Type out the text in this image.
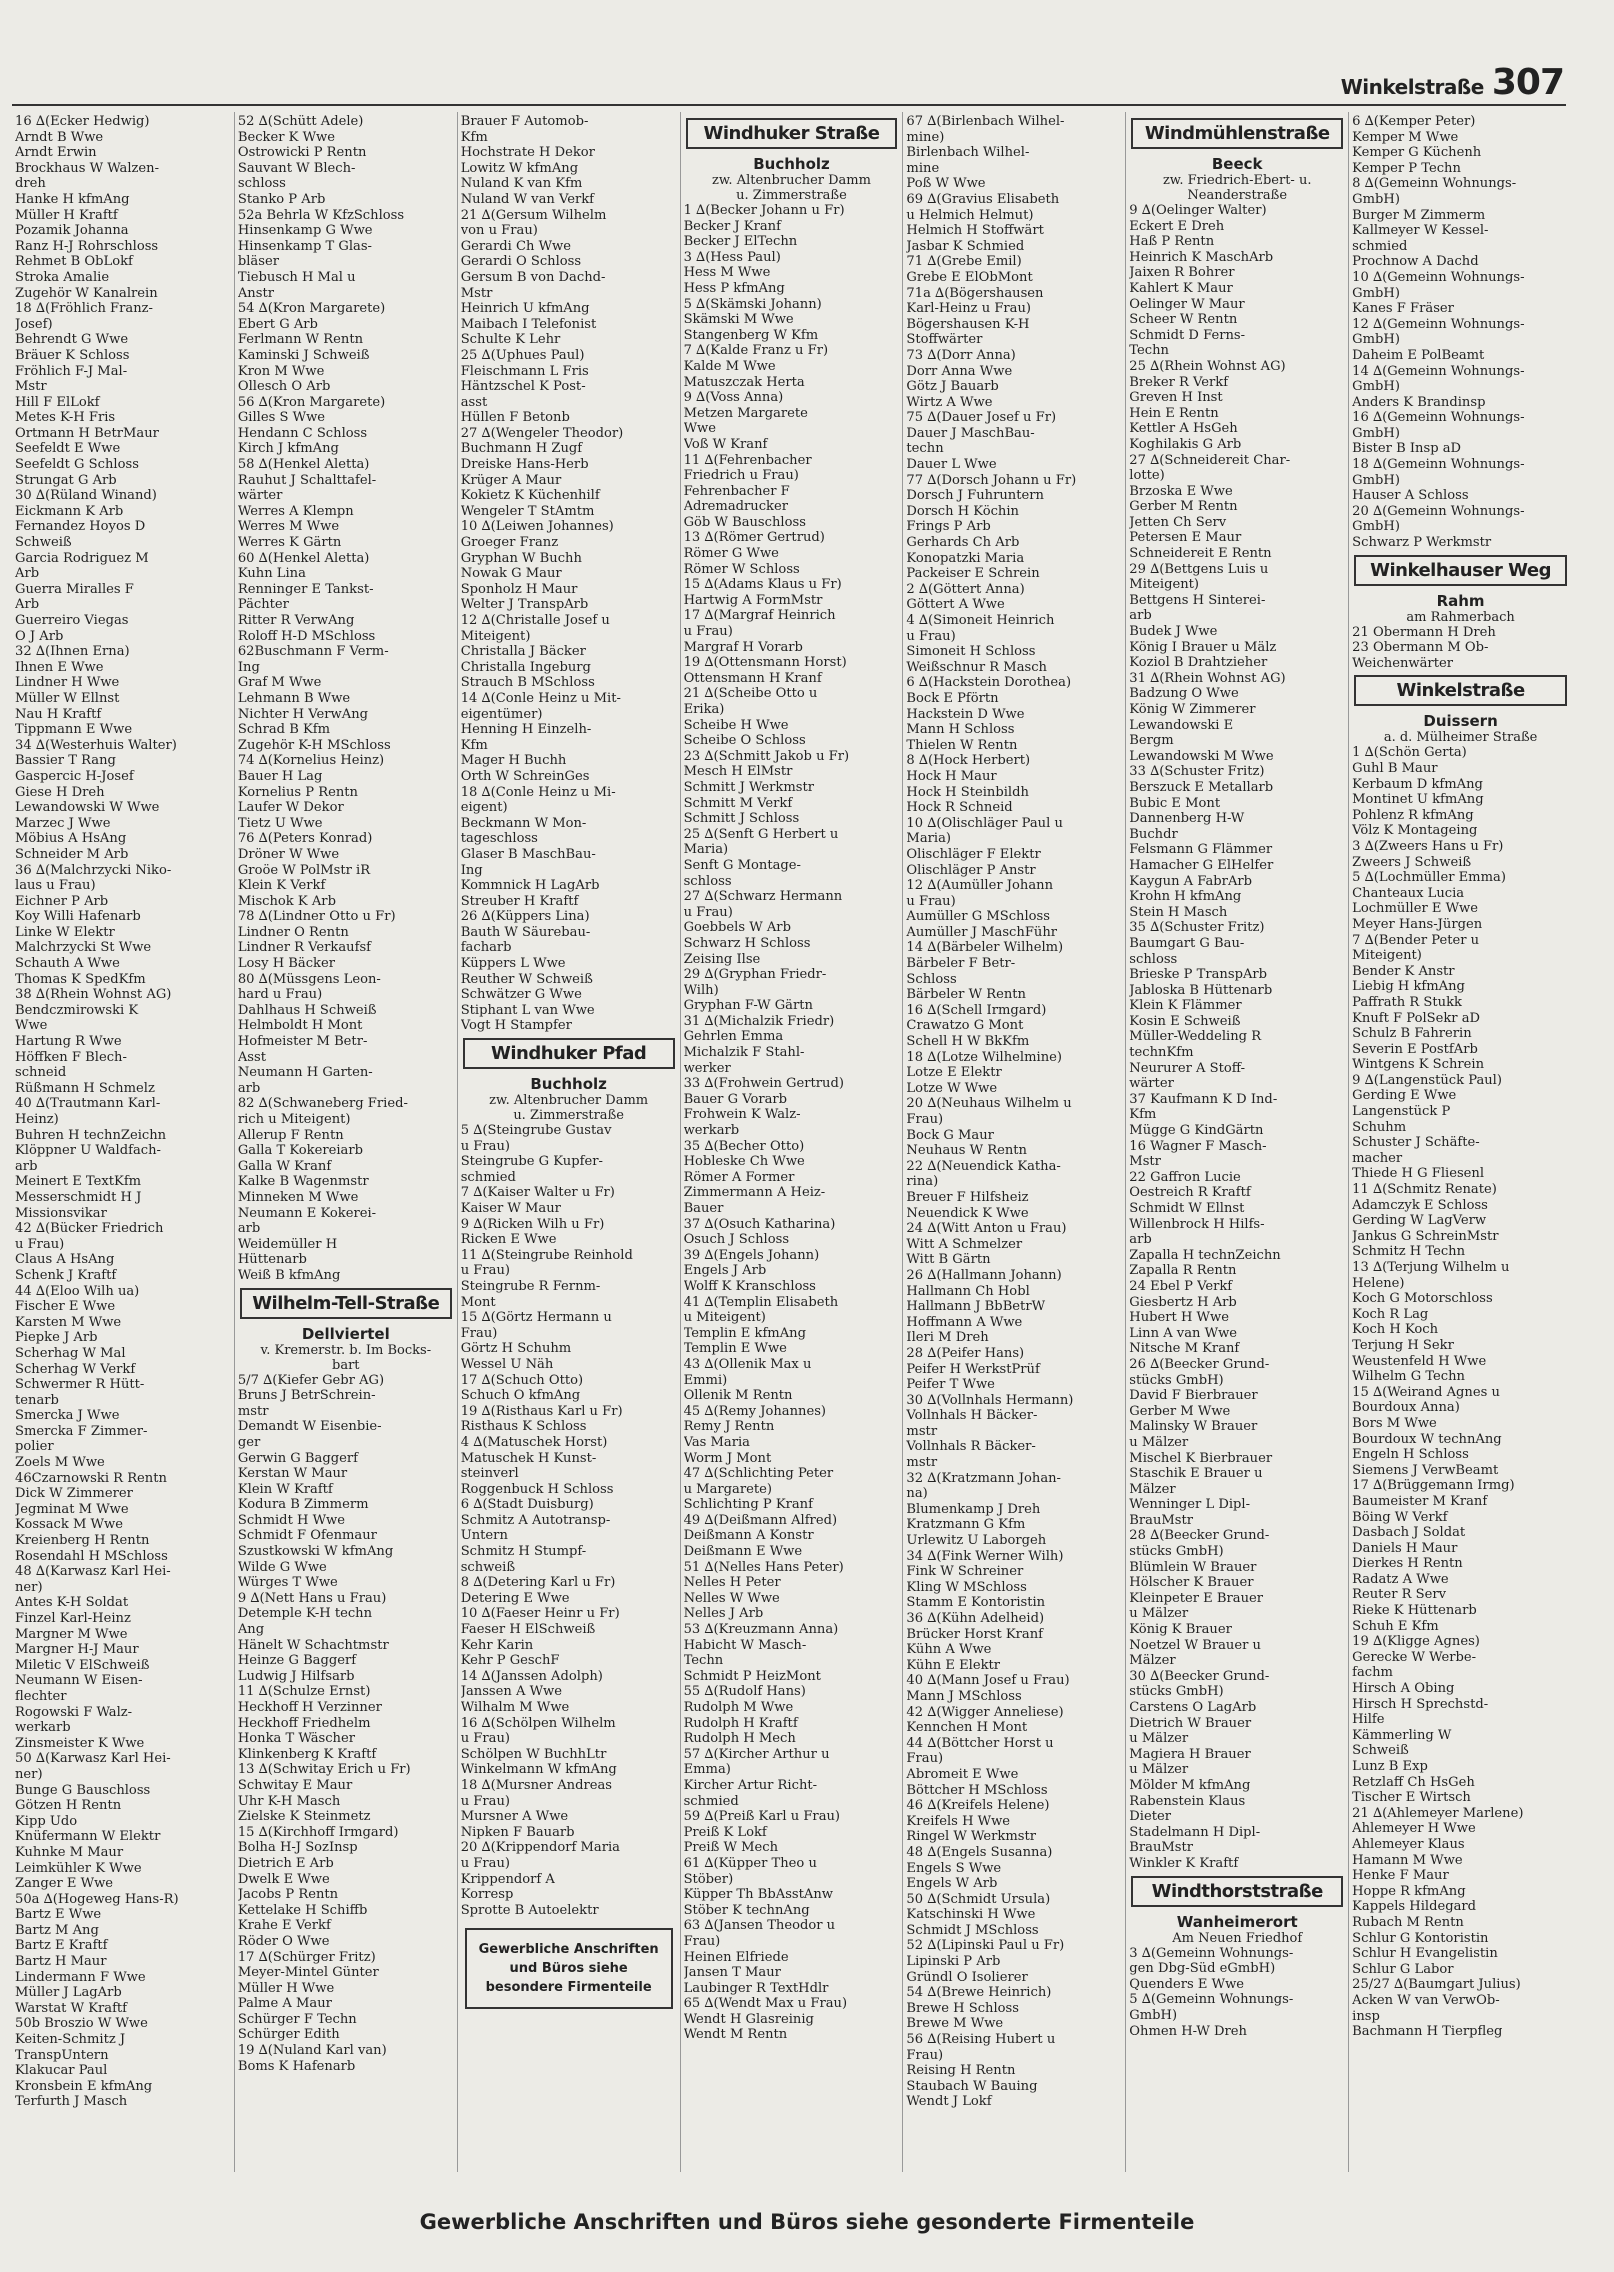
Winkelstraße 307
16 ∆(Ecker Hedwig)
Arndt B Wwe
Arndt Erwin
Brockhaus W Walzen-
dreh
Hanke H kfmAng
Müller H Kraftf
Pozamik Johanna
Ranz H-J Rohrschloss
Rehmet B ObLokf
Stroka Amalie
Zugehör W Kanalrein
18 ∆(Fröhlich Franz-
Josef)
Behrendt G Wwe
Bräuer K Schloss
Fröhlich F-J Mal-
Mstr
Hill F ElLokf
Metes K-H Fris
Ortmann H BetrMaur
Seefeldt E Wwe
Seefeldt G Schloss
Strungat G Arb
30 ∆(Rüland Winand)
Eickmann K Arb
Fernandez Hoyos D
Schweiß
Garcia Rodriguez M
Arb
Guerra Miralles F
Arb
Guerreiro Viegas
O J Arb
32 ∆(Ihnen Erna)
Ihnen E Wwe
Lindner H Wwe
Müller W Ellnst
Nau H Kraftf
Tippmann E Wwe
34 ∆(Westerhuis Walter)
Bassier T Rang
Gaspercic H-Josef
Giese H Dreh
Lewandowski W Wwe
Marzec J Wwe
Möbius A HsAng
Schneider M Arb
36 ∆(Malchrzycki Niko-
laus u Frau)
Eichner P Arb
Koy Willi Hafenarb
Linke W Elektr
Malchrzycki St Wwe
Schauth A Wwe
Thomas K SpedKfm
38 ∆(Rhein Wohnst AG)
Bendczmirowski K
Wwe
Hartung R Wwe
Höffken F Blech-
schneid
Rüßmann H Schmelz
40 ∆(Trautmann Karl-
Heinz)
Buhren H technZeichn
Klöppner U Waldfach-
arb
Meinert E TextKfm
Messerschmidt H J
Missionsvikar
42 ∆(Bücker Friedrich
u Frau)
Claus A HsAng
Schenk J Kraftf
44 ∆(Eloo Wilh ua)
Fischer E Wwe
Karsten M Wwe
Piepke J Arb
Scherhag W Mal
Scherhag W Verkf
Schwermer R Hütt-
tenarb
Smercka J Wwe
Smercka F Zimmer-
polier
Zoels M Wwe
46Czarnowski R Rentn
Dick W Zimmerer
Jegminat M Wwe
Kossack M Wwe
Kreienberg H Rentn
Rosendahl H MSchloss
48 ∆(Karwasz Karl Hei-
ner)
Antes K-H Soldat
Finzel Karl-Heinz
Margner M Wwe
Margner H-J Maur
Miletic V ElSchweiß
Neumann W Eisen-
flechter
Rogowski F Walz-
werkarb
Zinsmeister K Wwe
50 ∆(Karwasz Karl Hei-
ner)
Bunge G Bauschloss
Götzen H Rentn
Kipp Udo
Knüfermann W Elektr
Kuhnke M Maur
Leimkühler K Wwe
Zanger E Wwe
50a ∆(Hogeweg Hans-R)
Bartz E Wwe
Bartz M Ang
Bartz E Kraftf
Bartz H Maur
Lindermann F Wwe
Müller J LagArb
Warstat W Kraftf
50b Broszio W Wwe
Keiten-Schmitz J
TranspUntern
Klakucar Paul
Kronsbein E kfmAng
Terfurth J Masch
52 ∆(Schütt Adele)
Becker K Wwe
Ostrowicki P Rentn
Sauvant W Blech-
schloss
Stanko P Arb
52a Behrla W KfzSchloss
Hinsenkamp G Wwe
Hinsenkamp T Glas-
bläser
Tiebusch H Mal u
Anstr
54 ∆(Kron Margarete)
Ebert G Arb
Ferlmann W Rentn
Kaminski J Schweiß
Kron M Wwe
Ollesch O Arb
56 ∆(Kron Margarete)
Gilles S Wwe
Hendann C Schloss
Kirch J kfmAng
58 ∆(Henkel Aletta)
Rauhut J Schalttafel-
wärter
Werres A Klempn
Werres M Wwe
Werres K Gärtn
60 ∆(Henkel Aletta)
Kuhn Lina
Renninger E Tankst-
Pächter
Ritter R VerwAng
Roloff H-D MSchloss
62Buschmann F Verm-
Ing
Graf M Wwe
Lehmann B Wwe
Nichter H VerwAng
Schrad B Kfm
Zugehör K-H MSchloss
74 ∆(Kornelius Heinz)
Bauer H Lag
Kornelius P Rentn
Laufer W Dekor
Tietz U Wwe
76 ∆(Peters Konrad)
Dröner W Wwe
Groöe W PolMstr iR
Klein K Verkf
Mischok K Arb
78 ∆(Lindner Otto u Fr)
Lindner O Rentn
Lindner R Verkaufsf
Losy H Bäcker
80 ∆(Müssgens Leon-
hard u Frau)
Dahlhaus H Schweiß
Helmboldt H Mont
Hofmeister M Betr-
Asst
Neumann H Garten-
arb
82 ∆(Schwaneberg Fried-
rich u Miteigent)
Allerup F Rentn
Galla T Kokereiarb
Galla W Kranf
Kalke B Wagenmstr
Minneken M Wwe
Neumann E Kokerei-
arb
Weidemüller H
Hüttenarb
Weiß B kfmAng
Wilhelm-Tell-Straße
Dellviertel
v. Kremerstr. b. Im Bocks-
bart
5/7 ∆(Kiefer Gebr AG)
Bruns J BetrSchrein-
mstr
Demandt W Eisenbie-
ger
Gerwin G Baggerf
Kerstan W Maur
Klein W Kraftf
Kodura B Zimmerm
Schmidt H Wwe
Schmidt F Ofenmaur
Szustkowski W kfmAng
Wilde G Wwe
Würges T Wwe
9 ∆(Nett Hans u Frau)
Detemple K-H techn
Ang
Hänelt W Schachtmstr
Heinze G Baggerf
Ludwig J Hilfsarb
11 ∆(Schulze Ernst)
Heckhoff H Verzinner
Heckhoff Friedhelm
Honka T Wäscher
Klinkenberg K Kraftf
13 ∆(Schwitay Erich u Fr)
Schwitay E Maur
Uhr K-H Masch
Zielske K Steinmetz
15 ∆(Kirchhoff Irmgard)
Bolha H-J SozInsp
Dietrich E Arb
Dwelk E Wwe
Jacobs P Rentn
Kettelake H Schiffb
Krahe E Verkf
Röder O Wwe
17 ∆(Schürger Fritz)
Meyer-Mintel Günter
Müller H Wwe
Palme A Maur
Schürger F Techn
Schürger Edith
19 ∆(Nuland Karl van)
Boms K Hafenarb
Brauer F Automob-
Kfm
Hochstrate H Dekor
Lowitz W kfmAng
Nuland K van Kfm
Nuland W van Verkf
21 ∆(Gersum Wilhelm
von u Frau)
Gerardi Ch Wwe
Gerardi O Schloss
Gersum B von Dachd-
Mstr
Heinrich U kfmAng
Maibach I Telefonist
Schulte K Lehr
25 ∆(Uphues Paul)
Fleischmann L Fris
Häntzschel K Post-
asst
Hüllen F Betonb
27 ∆(Wengeler Theodor)
Buchmann H Zugf
Dreiske Hans-Herb
Krüger A Maur
Kokietz K Küchenhilf
Wengeler T StAmtm
10 ∆(Leiwen Johannes)
Groeger Franz
Gryphan W Buchh
Nowak G Maur
Sponholz H Maur
Welter J TranspArb
12 ∆(Christalle Josef u
Miteigent)
Christalla J Bäcker
Christalla Ingeburg
Strauch B MSchloss
14 ∆(Conle Heinz u Mit-
eigentümer)
Henning H Einzelh-
Kfm
Mager H Buchh
Orth W SchreinGes
18 ∆(Conle Heinz u Mi-
eigent)
Beckmann W Mon-
tageschloss
Glaser B MaschBau-
Ing
Kommnick H LagArb
Streuber H Kraftf
26 ∆(Küppers Lina)
Bauth W Säurebau-
facharb
Küppers L Wwe
Reuther W Schweiß
Schwätzer G Wwe
Stiphant L van Wwe
Vogt H Stampfer
Windhuker Pfad
Buchholz
zw. Altenbrucher Damm
u. Zimmerstraße
5 ∆(Steingrube Gustav
u Frau)
Steingrube G Kupfer-
schmied
7 ∆(Kaiser Walter u Fr)
Kaiser W Maur
9 ∆(Ricken Wilh u Fr)
Ricken E Wwe
11 ∆(Steingrube Reinhold
u Frau)
Steingrube R Fernm-
Mont
15 ∆(Görtz Hermann u
Frau)
Görtz H Schuhm
Wessel U Näh
17 ∆(Schuch Otto)
Schuch O kfmAng
19 ∆(Risthaus Karl u Fr)
Risthaus K Schloss
4 ∆(Matuschek Horst)
Matuschek H Kunst-
steinverl
Roggenbuck H Schloss
6 ∆(Stadt Duisburg)
Schmitz A Autotransp-
Untern
Schmitz H Stumpf-
schweiß
8 ∆(Detering Karl u Fr)
Detering E Wwe
10 ∆(Faeser Heinr u Fr)
Faeser H ElSchweiß
Kehr Karin
Kehr P GeschF
14 ∆(Janssen Adolph)
Janssen A Wwe
Wilhalm M Wwe
16 ∆(Schölpen Wilhelm
u Frau)
Schölpen W BuchhLtr
Winkelmann W kfmAng
18 ∆(Mursner Andreas
u Frau)
Mursner A Wwe
Nipken F Bauarb
20 ∆(Krippendorf Maria
u Frau)
Krippendorf A
Korresp
Sprotte B Autoelektr
Gewerbliche Anschriften und Büros siehe besondere Firmenteile
Windhuker Straße
Buchholz
zw. Altenbrucher Damm
u. Zimmerstraße
1 ∆(Becker Johann u Fr)
Becker J Kranf
Becker J ElTechn
3 ∆(Hess Paul)
Hess M Wwe
Hess P kfmAng
5 ∆(Skämski Johann)
Skämski M Wwe
Stangenberg W Kfm
7 ∆(Kalde Franz u Fr)
Kalde M Wwe
Matuszczak Herta
9 ∆(Voss Anna)
Metzen Margarete
Wwe
Voß W Kranf
11 ∆(Fehrenbacher
Friedrich u Frau)
Fehrenbacher F
Adremadrucker
Göb W Bauschloss
13 ∆(Römer Gertrud)
Römer G Wwe
Römer W Schloss
15 ∆(Adams Klaus u Fr)
Hartwig A FormMstr
17 ∆(Margraf Heinrich
u Frau)
Margraf H Vorarb
19 ∆(Ottensmann Horst)
Ottensmann H Kranf
21 ∆(Scheibe Otto u
Erika)
Scheibe H Wwe
Scheibe O Schloss
23 ∆(Schmitt Jakob u Fr)
Mesch H ElMstr
Schmitt J Werkmstr
Schmitt M Verkf
Schmitt J Schloss
25 ∆(Senft G Herbert u
Maria)
Senft G Montage-
schloss
27 ∆(Schwarz Hermann
u Frau)
Goebbels W Arb
Schwarz H Schloss
Zeising Ilse
29 ∆(Gryphan Friedr-
Wilh)
Gryphan F-W Gärtn
31 ∆(Michalzik Friedr)
Gehrlen Emma
Michalzik F Stahl-
werker
33 ∆(Frohwein Gertrud)
Bauer G Vorarb
Frohwein K Walz-
werkarb
35 ∆(Becher Otto)
Hobleske Ch Wwe
Römer A Former
Zimmermann A Heiz-
Bauer
37 ∆(Osuch Katharina)
Osuch J Schloss
39 ∆(Engels Johann)
Engels J Arb
Wolff K Kranschloss
41 ∆(Templin Elisabeth
u Miteigent)
Templin E kfmAng
Templin E Wwe
43 ∆(Ollenik Max u
Emmi)
Ollenik M Rentn
45 ∆(Remy Johannes)
Remy J Rentn
Vas Maria
Worm J Mont
47 ∆(Schlichting Peter
u Margarete)
Schlichting P Kranf
49 ∆(Deißmann Alfred)
Deißmann A Konstr
Deißmann E Wwe
51 ∆(Nelles Hans Peter)
Nelles H Peter
Nelles W Wwe
Nelles J Arb
53 ∆(Kreuzmann Anna)
Habicht W Masch-
Techn
Schmidt P HeizMont
55 ∆(Rudolf Hans)
Rudolph M Wwe
Rudolph H Kraftf
Rudolph H Mech
57 ∆(Kircher Arthur u
Emma)
Kircher Artur Richt-
schmied
59 ∆(Preiß Karl u Frau)
Preiß K Lokf
Preiß W Mech
61 ∆(Küpper Theo u
Stöber)
Küpper Th BbAsstAnw
Stöber K technAng
63 ∆(Jansen Theodor u
Frau)
Heinen Elfriede
Jansen T Maur
Laubinger R TextHdlr
65 ∆(Wendt Max u Frau)
Wendt H Glasreinig
Wendt M Rentn
67 ∆(Birlenbach Wilhel-
mine)
Birlenbach Wilhel-
mine
Poß W Wwe
69 ∆(Gravius Elisabeth
u Helmich Helmut)
Helmich H Stoffwärt
Jasbar K Schmied
71 ∆(Grebe Emil)
Grebe E ElObMont
71a ∆(Bögershausen
Karl-Heinz u Frau)
Bögershausen K-H
Stoffwärter
73 ∆(Dorr Anna)
Dorr Anna Wwe
Götz J Bauarb
Wirtz A Wwe
75 ∆(Dauer Josef u Fr)
Dauer J MaschBau-
techn
Dauer L Wwe
77 ∆(Dorsch Johann u Fr)
Dorsch J Fuhruntern
Dorsch H Köchin
Frings P Arb
Gerhards Ch Arb
Konopatzki Maria
Packeiser E Schrein
2 ∆(Göttert Anna)
Göttert A Wwe
4 ∆(Simoneit Heinrich
u Frau)
Simoneit H Schloss
Weißschnur R Masch
6 ∆(Hackstein Dorothea)
Bock E Pförtn
Hackstein D Wwe
Mann H Schloss
Thielen W Rentn
8 ∆(Hock Herbert)
Hock H Maur
Hock H Steinbildh
Hock R Schneid
10 ∆(Olischläger Paul u
Maria)
Olischläger F Elektr
Olischläger P Anstr
12 ∆(Aumüller Johann
u Frau)
Aumüller G MSchloss
Aumüller J MaschFühr
14 ∆(Bärbeler Wilhelm)
Bärbeler F Betr-
Schloss
Bärbeler W Rentn
16 ∆(Schell Irmgard)
Crawatzo G Mont
Schell H W BkKfm
18 ∆(Lotze Wilhelmine)
Lotze E Elektr
Lotze W Wwe
20 ∆(Neuhaus Wilhelm u
Frau)
Bock G Maur
Neuhaus W Rentn
22 ∆(Neuendick Katha-
rina)
Breuer F Hilfsheiz
Neuendick K Wwe
24 ∆(Witt Anton u Frau)
Witt A Schmelzer
Witt B Gärtn
26 ∆(Hallmann Johann)
Hallmann Ch Hobl
Hallmann J BbBetrW
Hoffmann A Wwe
Ileri M Dreh
28 ∆(Peifer Hans)
Peifer H WerkstPrüf
Peifer T Wwe
30 ∆(Vollnhals Hermann)
Vollnhals H Bäcker-
mstr
Vollnhals R Bäcker-
mstr
32 ∆(Kratzmann Johan-
na)
Blumenkamp J Dreh
Kratzmann G Kfm
Urlewitz U Laborgeh
34 ∆(Fink Werner Wilh)
Fink W Schreiner
Kling W MSchloss
Stamm E Kontoristin
36 ∆(Kühn Adelheid)
Brücker Horst Kranf
Kühn A Wwe
Kühn E Elektr
40 ∆(Mann Josef u Frau)
Mann J MSchloss
42 ∆(Wigger Anneliese)
Kennchen H Mont
44 ∆(Böttcher Horst u
Frau)
Abromeit E Wwe
Böttcher H MSchloss
46 ∆(Kreifels Helene)
Kreifels H Wwe
Ringel W Werkmstr
48 ∆(Engels Susanna)
Engels S Wwe
Engels W Arb
50 ∆(Schmidt Ursula)
Katschinski H Wwe
Schmidt J MSchloss
52 ∆(Lipinski Paul u Fr)
Lipinski P Arb
Gründl O Isolierer
54 ∆(Brewe Heinrich)
Brewe H Schloss
Brewe M Wwe
56 ∆(Reising Hubert u
Frau)
Reising H Rentn
Staubach W Bauing
Wendt J Lokf
Windmühlenstraße
Beeck
zw. Friedrich-Ebert- u.
Neanderstraße
9 ∆(Oelinger Walter)
Eckert E Dreh
Haß P Rentn
Heinrich K MaschArb
Jaixen R Bohrer
Kahlert K Maur
Oelinger W Maur
Scheer W Rentn
Schmidt D Ferns-
Techn
25 ∆(Rhein Wohnst AG)
Breker R Verkf
Greven H Inst
Hein E Rentn
Kettler A HsGeh
Koghilakis G Arb
27 ∆(Schneidereit Char-
lotte)
Brzoska E Wwe
Gerber M Rentn
Jetten Ch Serv
Petersen E Maur
Schneidereit E Rentn
29 ∆(Bettgens Luis u
Miteigent)
Bettgens H Sinterei-
arb
Budek J Wwe
König I Brauer u Mälz
Koziol B Drahtzieher
31 ∆(Rhein Wohnst AG)
Badzung O Wwe
König W Zimmerer
Lewandowski E
Bergm
Lewandowski M Wwe
33 ∆(Schuster Fritz)
Berszuck E Metallarb
Bubic E Mont
Dannenberg H-W
Buchdr
Felsmann G Flämmer
Hamacher G ElHelfer
Kaygun A FabrArb
Krohn H kfmAng
Stein H Masch
35 ∆(Schuster Fritz)
Baumgart G Bau-
schloss
Brieske P TranspArb
Jabloska B Hüttenarb
Klein K Flämmer
Kosin E Schweiß
Müller-Weddeling R
technKfm
Neururer A Stoff-
wärter
37 Kaufmann K D Ind-
Kfm
Mügge G KindGärtn
16 Wagner F Masch-
Mstr
22 Gaffron Lucie
Oestreich R Kraftf
Schmidt W Ellnst
Willenbrock H Hilfs-
arb
Zapalla H technZeichn
Zapalla R Rentn
24 Ebel P Verkf
Giesbertz H Arb
Hubert H Wwe
Linn A van Wwe
Nitsche M Kranf
26 ∆(Beecker Grund-
stücks GmbH)
David F Bierbrauer
Gerber M Wwe
Malinsky W Brauer
u Mälzer
Mischel K Bierbrauer
Staschik E Brauer u
Mälzer
Wenninger L Dipl-
BrauMstr
28 ∆(Beecker Grund-
stücks GmbH)
Blümlein W Brauer
Hölscher K Brauer
Kleinpeter E Brauer
u Mälzer
König K Brauer
Noetzel W Brauer u
Mälzer
30 ∆(Beecker Grund-
stücks GmbH)
Carstens O LagArb
Dietrich W Brauer
u Mälzer
Magiera H Brauer
u Mälzer
Mölder M kfmAng
Rabenstein Klaus
Dieter
Stadelmann H Dipl-
BrauMstr
Winkler K Kraftf
Windthorststraße
Wanheimerort
Am Neuen Friedhof
3 ∆(Gemeinn Wohnungs-
gen Dbg-Süd eGmbH)
Quenders E Wwe
5 ∆(Gemeinn Wohnungs-
GmbH)
Ohmen H-W Dreh
6 ∆(Kemper Peter)
Kemper M Wwe
Kemper G Küchenh
Kemper P Techn
8 ∆(Gemeinn Wohnungs-
GmbH)
Burger M Zimmerm
Kallmeyer W Kessel-
schmied
Prochnow A Dachd
10 ∆(Gemeinn Wohnungs-
GmbH)
Kanes F Fräser
12 ∆(Gemeinn Wohnungs-
GmbH)
Daheim E PolBeamt
14 ∆(Gemeinn Wohnungs-
GmbH)
Anders K Brandinsp
16 ∆(Gemeinn Wohnungs-
GmbH)
Bister B Insp aD
18 ∆(Gemeinn Wohnungs-
GmbH)
Hauser A Schloss
20 ∆(Gemeinn Wohnungs-
GmbH)
Schwarz P Werkmstr
Winkelhauser Weg
Rahm
am Rahmerbach
21 Obermann H Dreh
23 Obermann M Ob-
Weichenwärter
Winkelstraße
Duissern
a. d. Mülheimer Straße
1 ∆(Schön Gerta)
Guhl B Maur
Kerbaum D kfmAng
Montinet U kfmAng
Pohlenz R kfmAng
Völz K Montageing
3 ∆(Zweers Hans u Fr)
Zweers J Schweiß
5 ∆(Lochmüller Emma)
Chanteaux Lucia
Lochmüller E Wwe
Meyer Hans-Jürgen
7 ∆(Bender Peter u
Miteigent)
Bender K Anstr
Liebig H kfmAng
Paffrath R Stukk
Knuft F PolSekr aD
Schulz B Fahrerin
Severin E PostfArb
Wintgens K Schrein
9 ∆(Langenstück Paul)
Gerding E Wwe
Langenstück P
Schuhm
Schuster J Schäfte-
macher
Thiede H G Fliesenl
11 ∆(Schmitz Renate)
Adamczyk E Schloss
Gerding W LagVerw
Jankus G SchreinMstr
Schmitz H Techn
13 ∆(Terjung Wilhelm u
Helene)
Koch G Motorschloss
Koch R Lag
Koch H Koch
Terjung H Sekr
Weustenfeld H Wwe
Wilhelm G Techn
15 ∆(Weirand Agnes u
Bourdoux Anna)
Bors M Wwe
Bourdoux W technAng
Engeln H Schloss
Siemens J VerwBeamt
17 ∆(Brüggemann Irmg)
Baumeister M Kranf
Böing W Verkf
Dasbach J Soldat
Daniels H Maur
Dierkes H Rentn
Radatz A Wwe
Reuter R Serv
Rieke K Hüttenarb
Schuh E Kfm
19 ∆(Kligge Agnes)
Gerecke W Werbe-
fachm
Hirsch A Obing
Hirsch H Sprechstd-
Hilfe
Kämmerling W
Schweiß
Lunz B Exp
Retzlaff Ch HsGeh
Tischer E Wirtsch
21 ∆(Ahlemeyer Marlene)
Ahlemeyer H Wwe
Ahlemeyer Klaus
Hamann M Wwe
Henke F Maur
Hoppe R kfmAng
Kappels Hildegard
Rubach M Rentn
Schlur G Kontoristin
Schlur H Evangelistin
Schlur G Labor
25/27 ∆(Baumgart Julius)
Acken W van VerwOb-
insp
Bachmann H Tierpfleg
Gewerbliche Anschriften und Büros siehe gesonderte Firmenteile
